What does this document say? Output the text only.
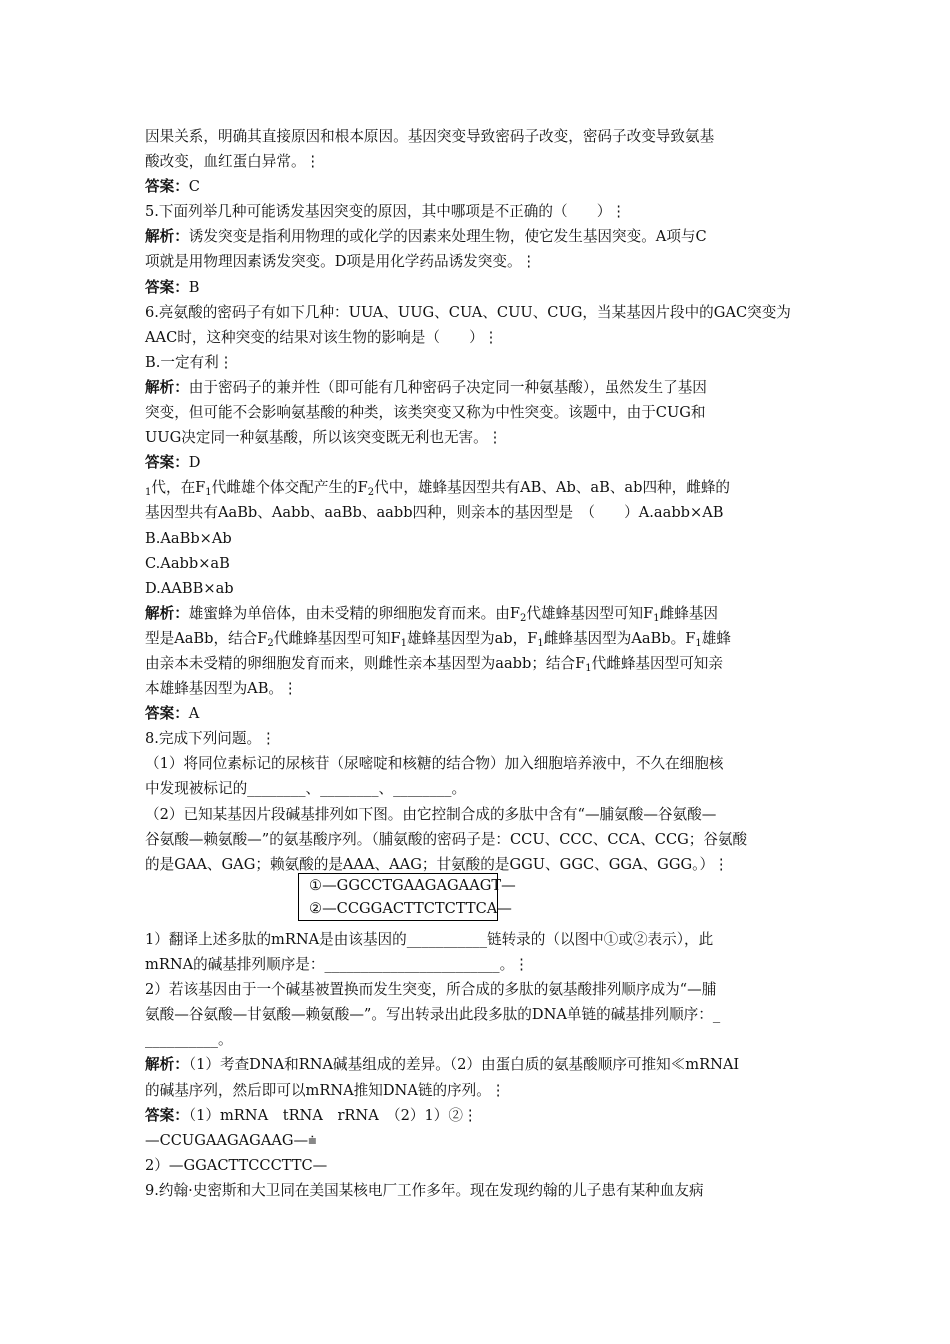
因果关系，明确其直接原因和根本原因。基因突变导致密码子改变，密码子改变导致氨基
酸改变，血红蛋白异常。⋮
答案：C
5.下面列举几种可能诱发基因突变的原因，其中哪项是不正确的（　　）⋮
解析：诱发突变是指利用物理的或化学的因素来处理生物，使它发生基因突变。A项与C
项就是用物理因素诱发突变。D项是用化学药品诱发突变。⋮
答案：B
6.亮氨酸的密码子有如下几种：UUA、UUG、CUA、CUU、CUG，当某基因片段中的GAC突变为
AAC时，这种突变的结果对该生物的影响是（　　）⋮
B.一定有利⋮
解析：由于密码子的兼并性（即可能有几种密码子决定同一种氨基酸），虽然发生了基因
突变，但可能不会影响氨基酸的种类，该类突变又称为中性突变。该题中，由于CUG和
UUG决定同一种氨基酸，所以该突变既无利也无害。⋮
答案：D
$_1$代，在$F_1$代雌雄个体交配产生的$F_2$代中，雄蜂基因型共有AB、Ab、aB、ab四种，雌蜂的
基因型共有AaBb、Aabb、aaBb、aabb四种，则亲本的基因型是　（　　）A.aabb×AB
B.AaBb×Ab
C.Aabb×aB
D.AABB×ab
解析：雄蜜蜂为单倍体，由未受精的卵细胞发育而来。由$F_2$代雄蜂基因型可知$F_1$雌蜂基因
型是AaBb，结合$F_2$代雌蜂基因型可知$F_1$雄蜂基因型为ab，$F_1$雌蜂基因型为AaBb。$F_1$雄蜂
由亲本未受精的卵细胞发育而来，则雌性亲本基因型为aabb；结合$F_1$代雌蜂基因型可知亲
本雄蜂基因型为AB。⋮
答案：A
8.完成下列问题。⋮
（1）将同位素标记的尿核苷（尿嘧啶和核糖的结合物）加入细胞培养液中，不久在细胞核
中发现被标记的________、________、________。
（2）已知某基因片段碱基排列如下图。由它控制合成的多肽中含有“—脯氨酸—谷氨酸—
谷氨酸—赖氨酸—”的氨基酸序列。（脯氨酸的密码子是：CCU、CCC、CCA、CCG；谷氨酸
的是GAA、GAG；赖氨酸的是AAA、AAG；甘氨酸的是GGU、GGC、GGA、GGG。）⋮
1）翻译上述多肽的mRNA是由该基因的___________链转录的（以图中①或②表示），此
mRNA的碱基排列顺序是：________________________。⋮
2）若该基因由于一个碱基被置换而发生突变，所合成的多肽的氨基酸排列顺序成为“—脯
氨酸—谷氨酸—甘氨酸—赖氨酸—”。写出转录出此段多肽的DNA单链的碱基排列顺序：_
__________。
解析：（1）考查DNA和RNA碱基组成的差异。（2）由蛋白质的氨基酸顺序可推知≪mRNAI
的碱基序列，然后即可以mRNA推知DNA链的序列。⋮
答案：（1）mRNA　tRNA　rRNA　（2）1）②⋮
—CCUGAAGAGAAG—⩧
2）—GGACTTCCCTTC—
9.约翰·史密斯和大卫同在美国某核电厂工作多年。现在发现约翰的儿子患有某种血友病
①—GGCCTGAAGAGAAGT—
②—CCGGACTTCTCTTCA—
